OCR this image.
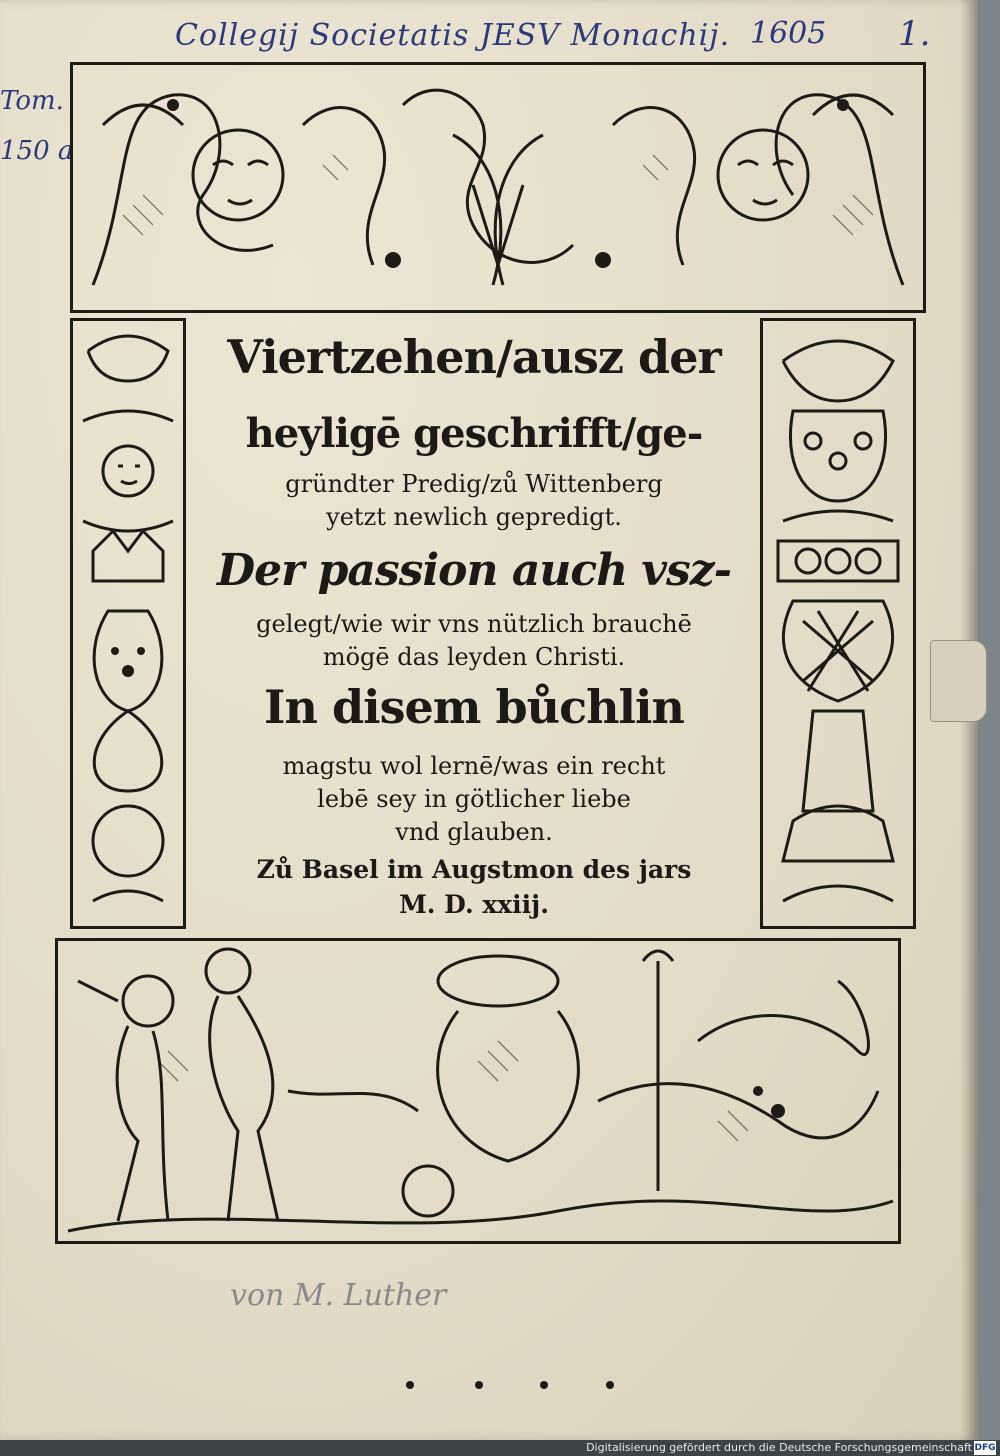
Collegij Societatis JESV Monachij. 1605 1.
Tom.
150 a
Viertzehen/ausz der
heyligē geschrifft/ge-
gründter Predig/zů Wittenberg
yetzt newlich gepredigt.
Der passion auch vsz-
gelegt/wie wir vns nützlich brauchē
mögē das leyden Christi.
In disem bůchlin
magstu wol lernē/was ein recht
lebē sey in götlicher liebe
vnd glauben.
Zů Basel im Augstmon des jars
M. D. xxiij.
von M. Luther
Digitalisierung gefördert durch die Deutsche Forschungsgemeinschaft DFG
